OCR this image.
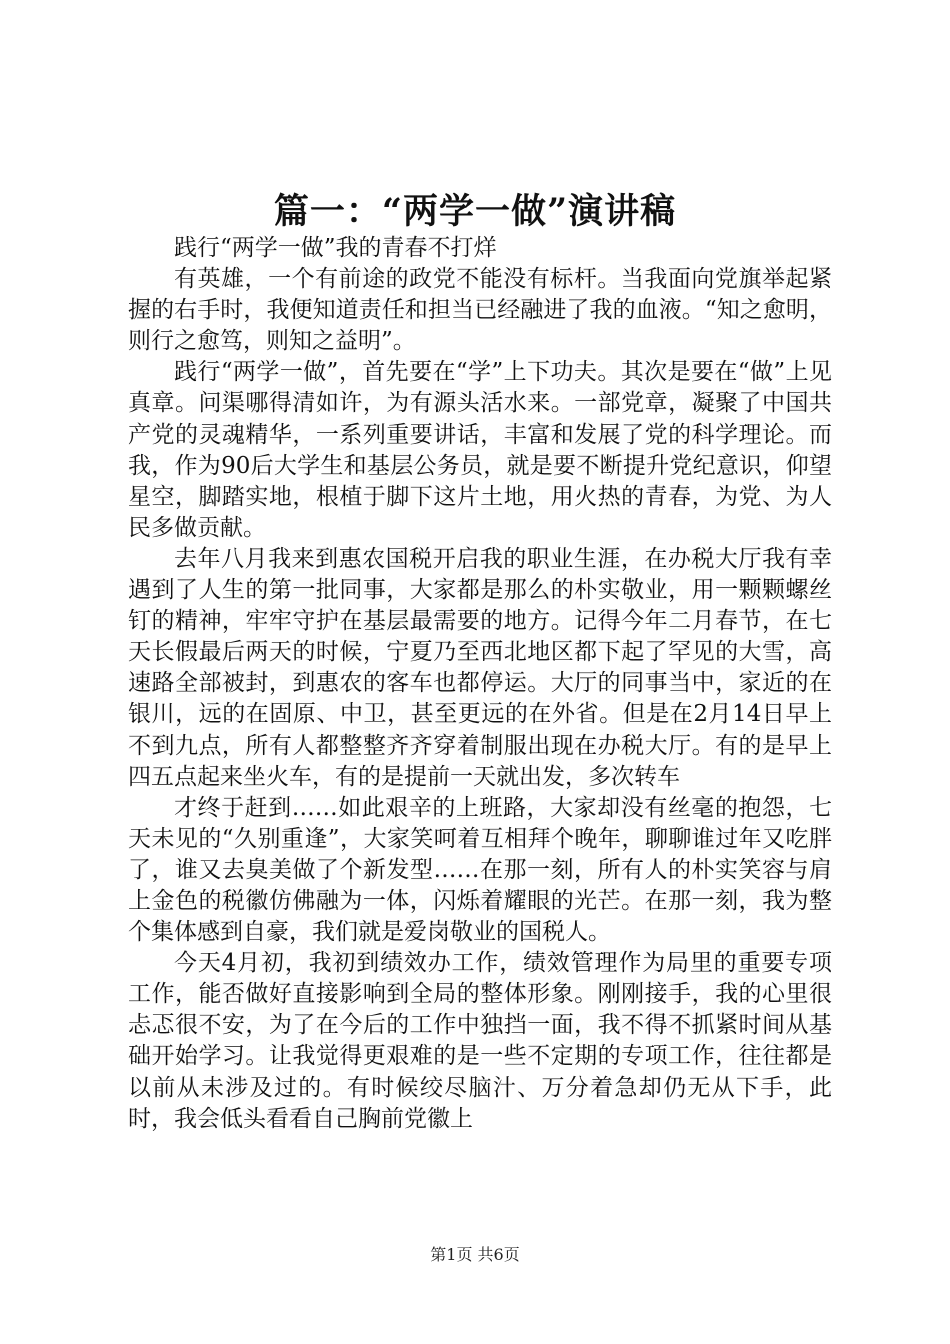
篇一：“两学一做”演讲稿

践行“两学一做”我的青春不打烊

有英雄，一个有前途的政党不能没有标杆。当我面向党旗举起紧握的右手时，我便知道责任和担当已经融进了我的血液。“知之愈明，则行之愈笃，则知之益明”。

践行“两学一做”，首先要在“学”上下功夫。其次是要在“做”上见真章。问渠哪得清如许，为有源头活水来。一部党章，凝聚了中国共产党的灵魂精华，一系列重要讲话，丰富和发展了党的科学理论。而我，作为90后大学生和基层公务员，就是要不断提升党纪意识，仰望星空，脚踏实地，根植于脚下这片土地，用火热的青春，为党、为人民多做贡献。

去年八月我来到惠农国税开启我的职业生涯，在办税大厅我有幸遇到了人生的第一批同事，大家都是那么的朴实敬业，用一颗颗螺丝钉的精神，牢牢守护在基层最需要的地方。记得今年二月春节，在七天长假最后两天的时候，宁夏乃至西北地区都下起了罕见的大雪，高速路全部被封，到惠农的客车也都停运。大厅的同事当中，家近的在银川，远的在固原、中卫，甚至更远的在外省。但是在2月14日早上不到九点，所有人都整整齐齐穿着制服出现在办税大厅。有的是早上四五点起来坐火车，有的是提前一天就出发，多次转车

才终于赶到……如此艰辛的上班路，大家却没有丝毫的抱怨，七天未见的“久别重逢”，大家笑呵着互相拜个晚年，聊聊谁过年又吃胖了，谁又去臭美做了个新发型……在那一刻，所有人的朴实笑容与肩上金色的税徽仿佛融为一体，闪烁着耀眼的光芒。在那一刻，我为整个集体感到自豪，我们就是爱岗敬业的国税人。

今天4月初，我初到绩效办工作，绩效管理作为局里的重要专项工作，能否做好直接影响到全局的整体形象。刚刚接手，我的心里很忐忑很不安，为了在今后的工作中独挡一面，我不得不抓紧时间从基础开始学习。让我觉得更艰难的是一些不定期的专项工作，往往都是以前从未涉及过的。有时候绞尽脑汁、万分着急却仍无从下手，此时，我会低头看看自己胸前党徽上

第1页 共6页
